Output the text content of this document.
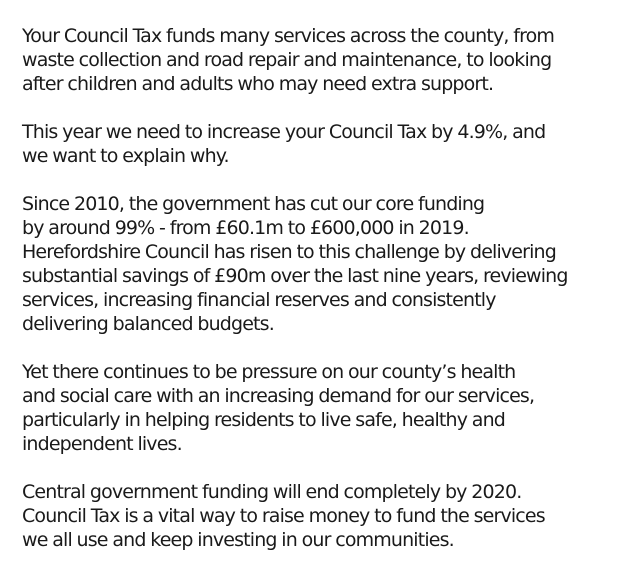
Your Council Tax funds many services across the county, from
waste collection and road repair and maintenance, to looking
after children and adults who may need extra support.

This year we need to increase your Council Tax by 4.9%, and
we want to explain why.

Since 2010, the government has cut our core funding
by around 99% - from £60.1m to £600,000 in 2019.
Herefordshire Council has risen to this challenge by delivering
substantial savings of £90m over the last nine years, reviewing
services, increasing financial reserves and consistently
delivering balanced budgets.

Yet there continues to be pressure on our county’s health
and social care with an increasing demand for our services,
particularly in helping residents to live safe, healthy and
independent lives.

Central government funding will end completely by 2020.
Council Tax is a vital way to raise money to fund the services
we all use and keep investing in our communities.
